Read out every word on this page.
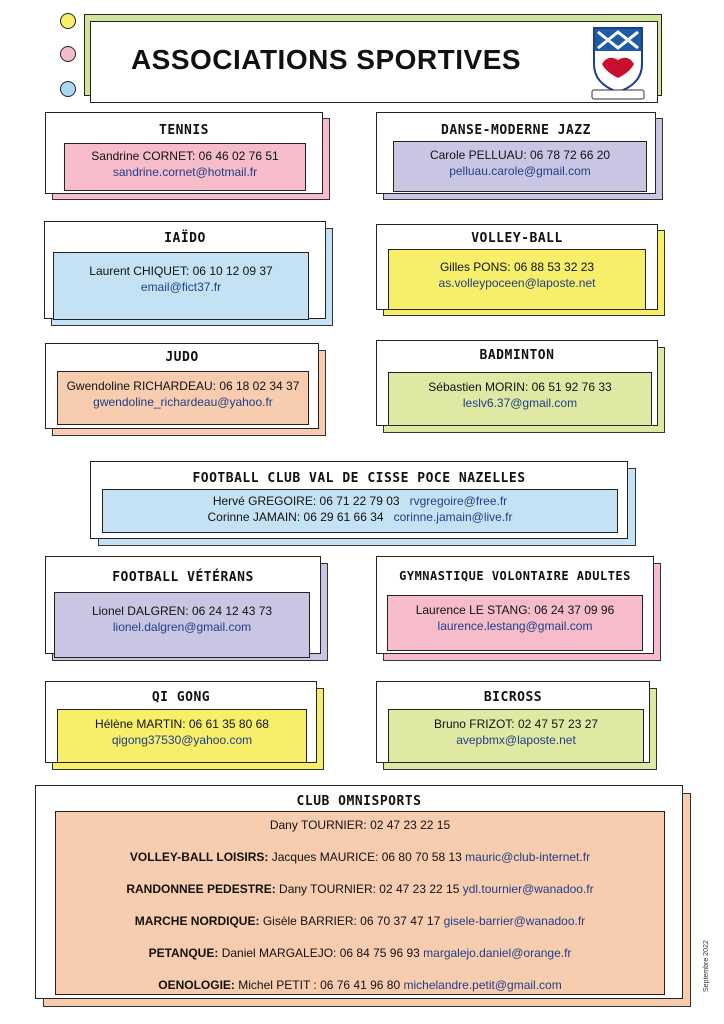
ASSOCIATIONS SPORTIVES
TENNIS
Sandrine CORNET: 06 46 02 76 51
sandrine.cornet@hotmail.fr
DANSE-MODERNE JAZZ
Carole PELLUAU: 06 78 72 66 20
pelluau.carole@gmail.com
IAÏDO
Laurent CHIQUET: 06 10 12 09 37
email@fict37.fr
VOLLEY-BALL
Gilles PONS: 06 88 53 32 23
as.volleypoceen@laposte.net
JUDO
Gwendoline RICHARDEAU: 06 18 02 34 37
gwendoline_richardeau@yahoo.fr
BADMINTON
Sébastien MORIN: 06 51 92 76 33
leslv6.37@gmail.com
FOOTBALL CLUB VAL DE CISSE POCE NAZELLES
Hervé GREGOIRE: 06 71 22 79 03 rvgregoire@free.fr
Corinne JAMAIN: 06 29 61 66 34 corinne.jamain@live.fr
FOOTBALL VÉTÉRANS
Lionel DALGREN: 06 24 12 43 73
lionel.dalgren@gmail.com
GYMNASTIQUE VOLONTAIRE ADULTES
Laurence LE STANG: 06 24 37 09 96
laurence.lestang@gmail.com
QI GONG
Hélène MARTIN: 06 61 35 80 68
qigong37530@yahoo.com
BICROSS
Bruno FRIZOT: 02 47 57 23 27
avepbmx@laposte.net
CLUB OMNISPORTS
Dany TOURNIER: 02 47 23 22 15
VOLLEY-BALL LOISIRS: Jacques MAURICE: 06 80 70 58 13 mauric@club-internet.fr
RANDONNEE PEDESTRE: Dany TOURNIER: 02 47 23 22 15 ydl.tournier@wanadoo.fr
MARCHE NORDIQUE: Gisèle BARRIER: 06 70 37 47 17 gisele-barrier@wanadoo.fr
PETANQUE: Daniel MARGALEJO: 06 84 75 96 93 margalejo.daniel@orange.fr
OENOLOGIE: Michel PETIT : 06 76 41 96 80 michelandre.petit@gmail.com	Septembre 2022
